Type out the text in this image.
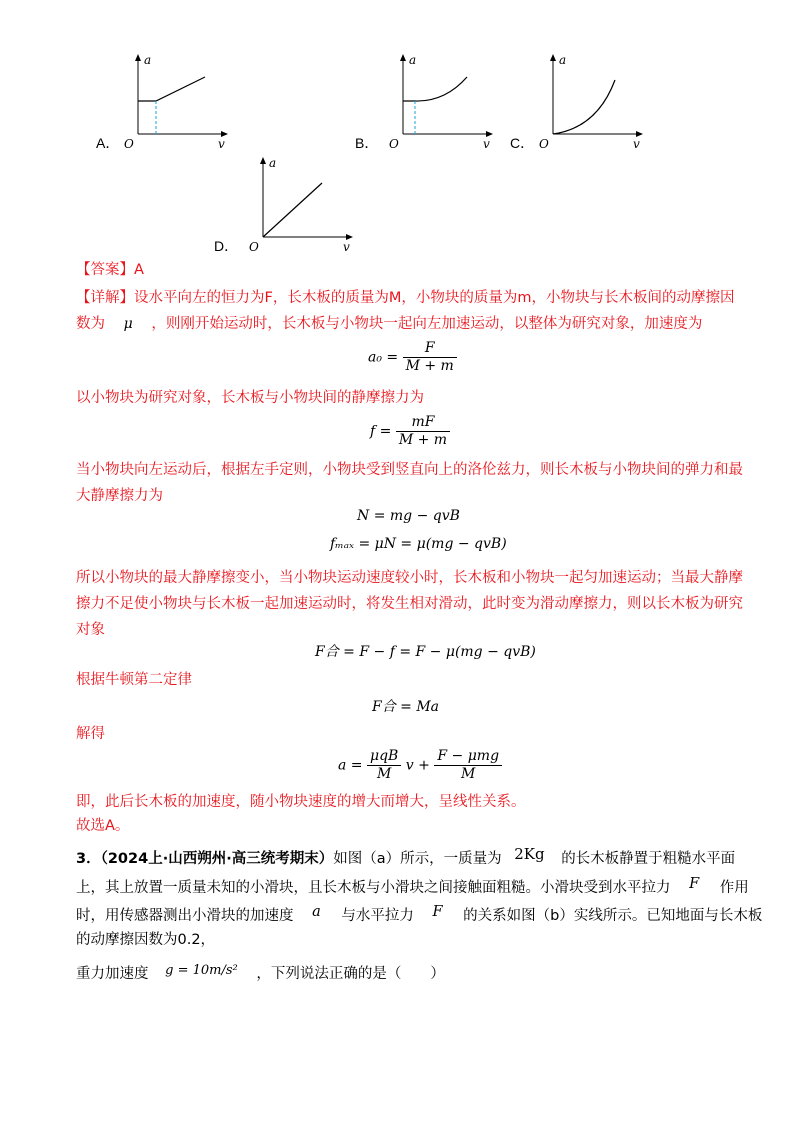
A．
a
v
O	B．
a
v
O	C．
a
v
O
D．
a
v
O
【答案】A
【详解】设水平向左的恒力为F，长木板的质量为M，小物块的质量为m，小物块与长木板间的动摩擦因
数为 μ ，则刚开始运动时，长木板与小物块一起向左加速运动，以整体为研究对象，加速度为
$a_0 = \frac{F}{M + m}$
以小物块为研究对象，长木板与小物块间的静摩擦力为
$f = \frac{mF}{M + m}$
当小物块向左运动后，根据左手定则，小物块受到竖直向上的洛伦兹力，则长木板与小物块间的弹力和最
大静摩擦力为
N = mg − qvB
fₘₐₓ = μN = μ(mg − qvB)
所以小物块的最大静摩擦变小，当小物块运动速度较小时，长木板和小物块一起匀加速运动；当最大静摩
擦力不足使小物块与长木板一起加速运动时，将发生相对滑动，此时变为滑动摩擦力，则以长木板为研究
对象
F合 = F − f = F − μ(mg − qvB)
根据牛顿第二定律
F合 = Ma
解得
$a = \frac{\text{μqB}}{M}$ $v + \frac{\text{F − μmg}}{M}$
即，此后长木板的加速度，随小物块速度的增大而增大，呈线性关系。
故选A。
3．（2024上·山西朔州·高三统考期末）如图（a）所示，一质量为 2Kg 的长木板静置于粗糙水平面
上，其上放置一质量未知的小滑块，且长木板与小滑块之间接触面粗糙。小滑块受到水平拉力 F 作用
时，用传感器测出小滑块的加速度 a 与水平拉力 F 的关系如图（b）实线所示。已知地面与长木板
的动摩擦因数为0.2，
重力加速度 g = 10m/s² ，下列说法正确的是（　　）
